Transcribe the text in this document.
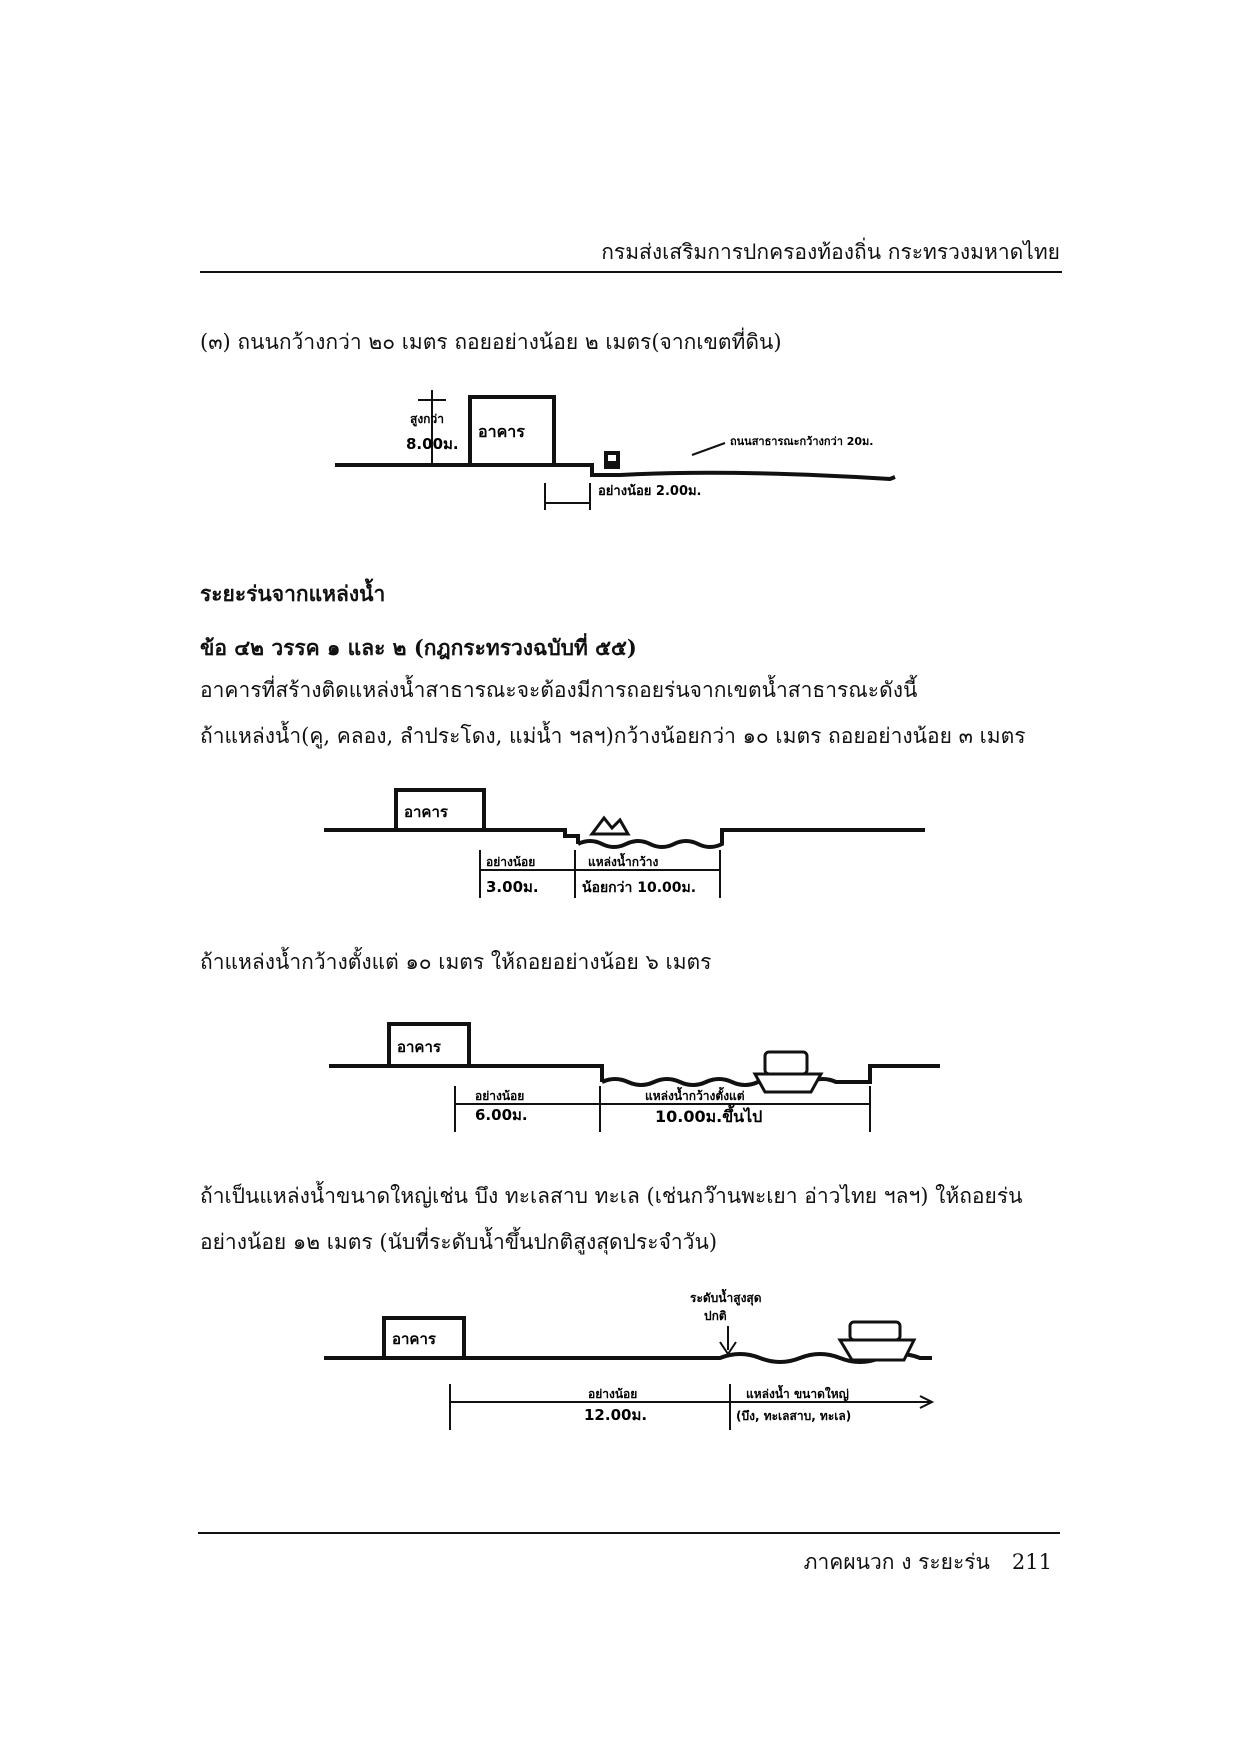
กรมส่งเสริมการปกครองท้องถิ่น กระทรวงมหาดไทย
(๓) ถนนกว้างกว่า ๒๐ เมตร ถอยอย่างน้อย ๒ เมตร(จากเขตที่ดิน)
สูงกว่า
8.00ม.
อาคาร
ถนนสาธารณะกว้างกว่า 20ม.
อย่างน้อย 2.00ม.
ระยะร่นจากแหล่งน้ำ
ข้อ ๔๒ วรรค ๑ และ ๒ (กฎกระทรวงฉบับที่ ๕๕)
อาคารที่สร้างติดแหล่งน้ำสาธารณะจะต้องมีการถอยร่นจากเขตน้ำสาธารณะดังนี้
ถ้าแหล่งน้ำ(คู, คลอง, ลำประโดง, แม่น้ำ ฯลฯ)กว้างน้อยกว่า ๑๐ เมตร ถอยอย่างน้อย ๓ เมตร
อาคาร
อย่างน้อย
3.00ม.
แหล่งน้ำกว้าง
น้อยกว่า 10.00ม.
ถ้าแหล่งน้ำกว้างตั้งแต่ ๑๐ เมตร ให้ถอยอย่างน้อย ๖ เมตร
อาคาร
อย่างน้อย
6.00ม.
แหล่งน้ำกว้างตั้งแต่
10.00ม.ขึ้นไป
ถ้าเป็นแหล่งน้ำขนาดใหญ่เช่น บึง ทะเลสาบ ทะเล (เช่นกว๊านพะเยา อ่าวไทย ฯลฯ) ให้ถอยร่น
อย่างน้อย ๑๒ เมตร (นับที่ระดับน้ำขึ้นปกติสูงสุดประจำวัน)
ระดับน้ำสูงสุด
ปกติ
อาคาร
อย่างน้อย
12.00ม.
แหล่งน้ำ ขนาดใหญ่
(บึง, ทะเลสาบ, ทะเล)
ภาคผนวก ง ระยะร่น 211
